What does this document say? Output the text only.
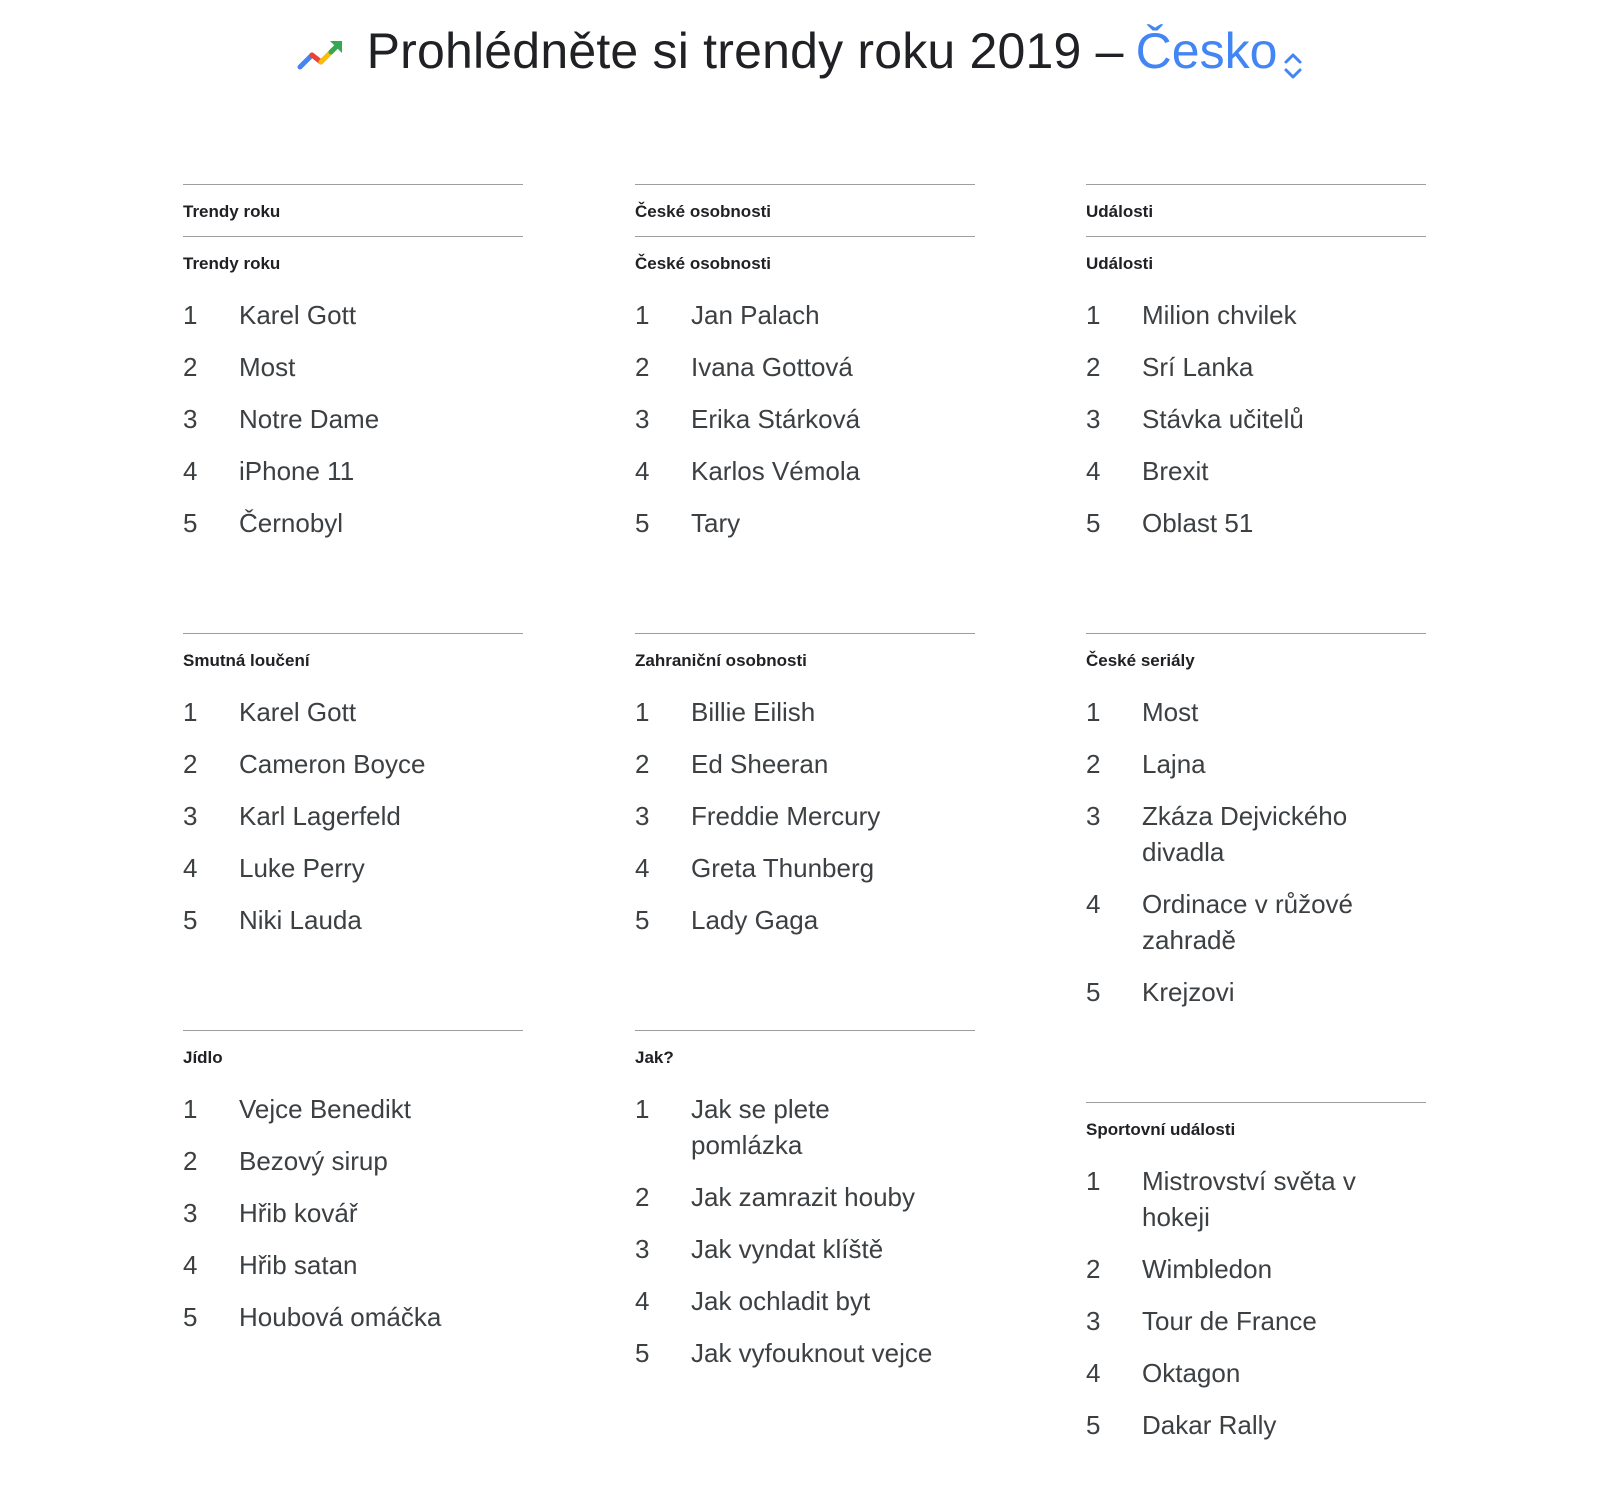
Prohlédněte si trendy roku 2019 – Česko
Trendy roku
Trendy roku
1	Karel Gott
2	Most
3	Notre Dame
4	iPhone 11
5	Černobyl
Smutná loučení
1	Karel Gott
2	Cameron Boyce
3	Karl Lagerfeld
4	Luke Perry
5	Niki Lauda
Jídlo
1	Vejce Benedikt
2	Bezový sirup
3	Hřib kovář
4	Hřib satan
5	Houbová omáčka
České osobnosti
České osobnosti
1	Jan Palach
2	Ivana Gottová
3	Erika Stárková
4	Karlos Vémola
5	Tary
Zahraniční osobnosti
1	Billie Eilish
2	Ed Sheeran
3	Freddie Mercury
4	Greta Thunberg
5	Lady Gaga
Jak?
1	Jak se plete pomlázka
2	Jak zamrazit houby
3	Jak vyndat klíště
4	Jak ochladit byt
5	Jak vyfouknout vejce
Události
Události
1	Milion chvilek
2	Srí Lanka
3	Stávka učitelů
4	Brexit
5	Oblast 51
České seriály
1	Most
2	Lajna
3	Zkáza Dejvického divadla
4	Ordinace v růžové zahradě
5	Krejzovi
Sportovní události
1	Mistrovství světa v hokeji
2	Wimbledon
3	Tour de France
4	Oktagon
5	Dakar Rally
